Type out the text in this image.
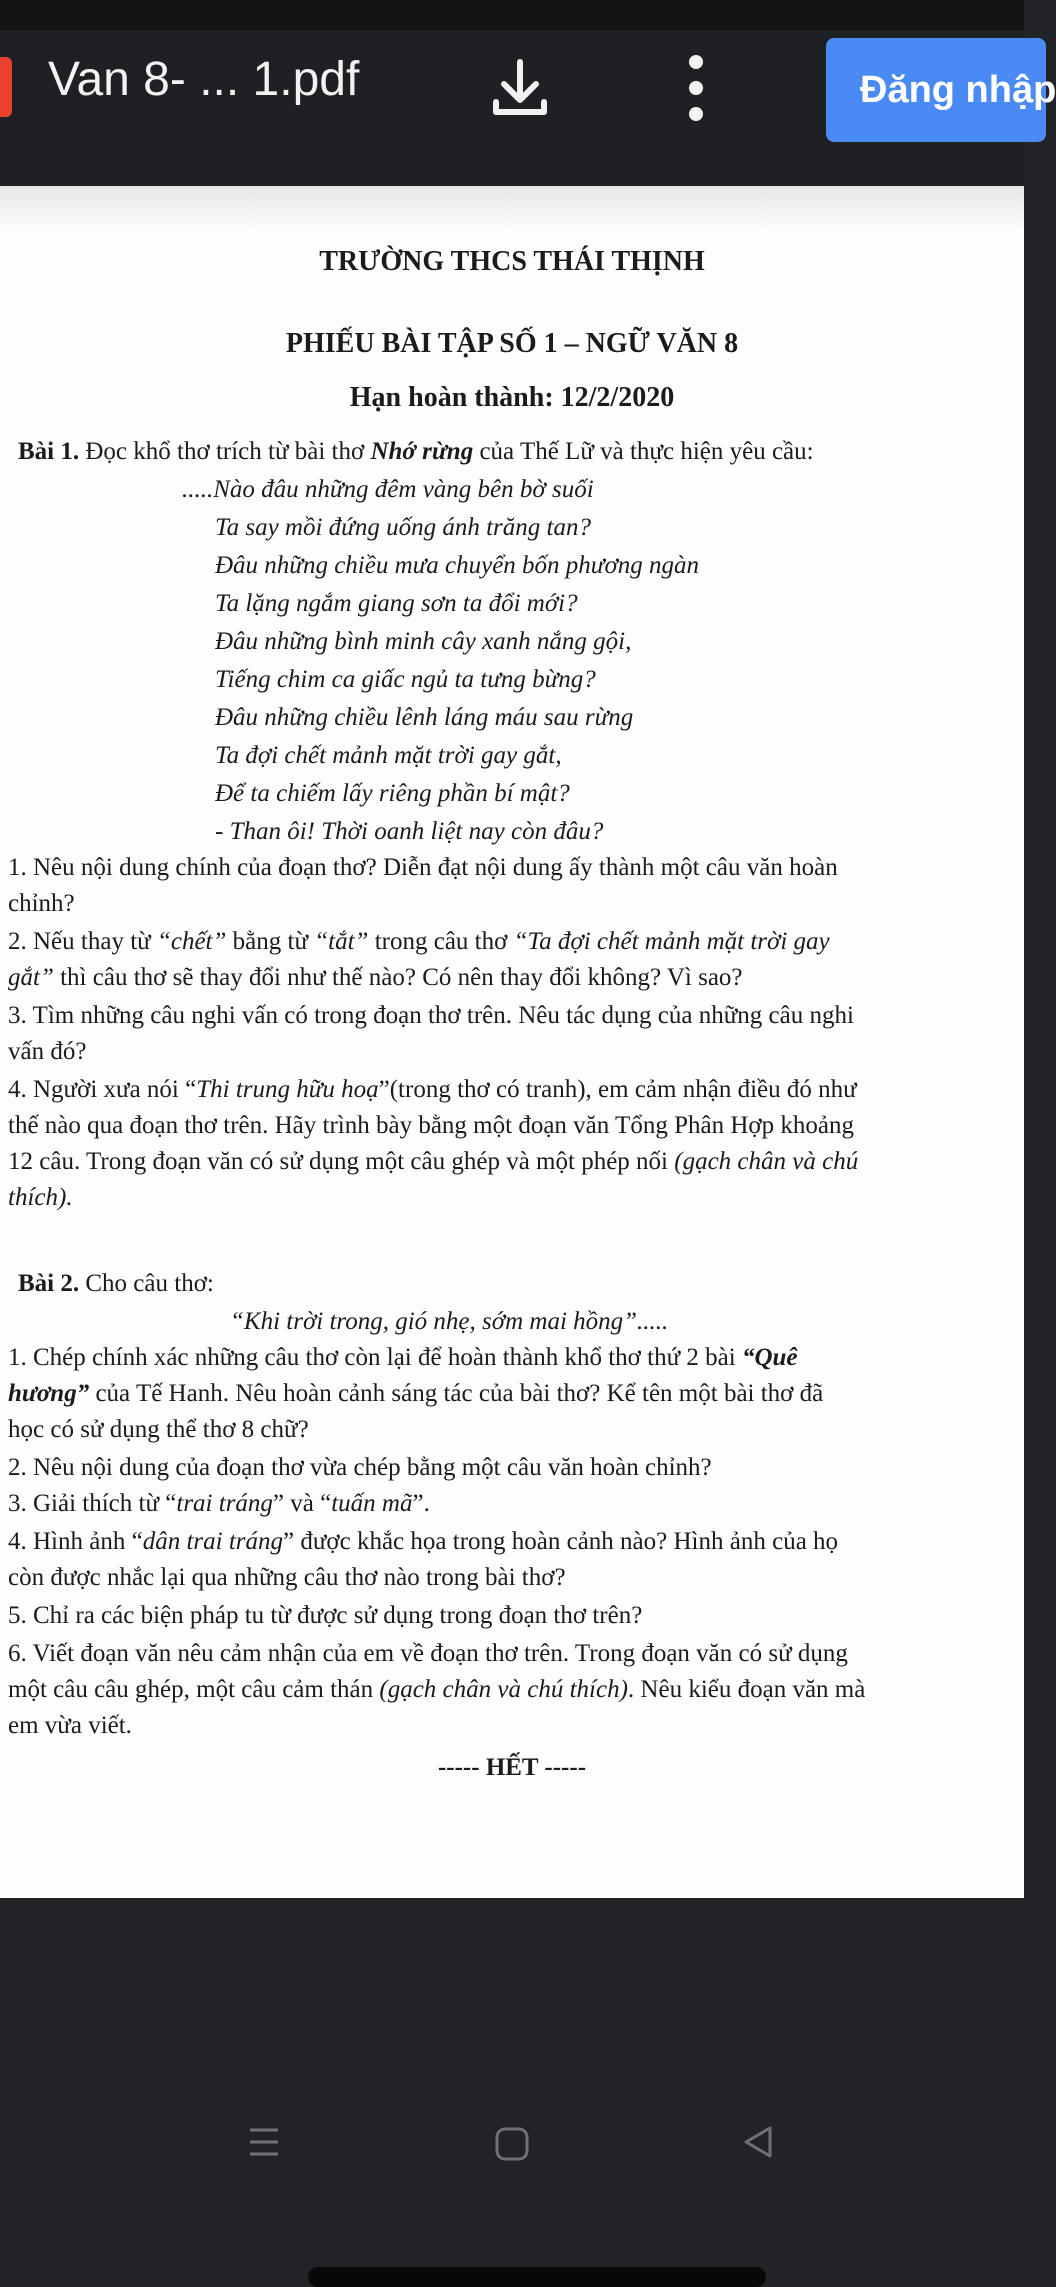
Van 8- ... 1.pdf	Đăng nhập
TRƯỜNG THCS THÁI THỊNH
PHIẾU BÀI TẬP SỐ 1 – NGỮ VĂN 8
Hạn hoàn thành: 12/2/2020
Bài 1. Đọc khổ thơ trích từ bài thơ Nhớ rừng của Thế Lữ và thực hiện yêu cầu:
.....Nào đâu những đêm vàng bên bờ suối
Ta say mồi đứng uống ánh trăng tan?
Đâu những chiều mưa chuyển bốn phương ngàn
Ta lặng ngắm giang sơn ta đổi mới?
Đâu những bình minh cây xanh nắng gội,
Tiếng chim ca giấc ngủ ta tưng bừng?
Đâu những chiều lênh láng máu sau rừng
Ta đợi chết mảnh mặt trời gay gắt,
Để ta chiếm lấy riêng phần bí mật?
- Than ôi! Thời oanh liệt nay còn đâu?
1. Nêu nội dung chính của đoạn thơ? Diễn đạt nội dung ấy thành một câu văn hoàn
chỉnh?
2. Nếu thay từ “chết” bằng từ “tắt” trong câu thơ “Ta đợi chết mảnh mặt trời gay
gắt” thì câu thơ sẽ thay đổi như thế nào? Có nên thay đổi không? Vì sao?
3. Tìm những câu nghi vấn có trong đoạn thơ trên. Nêu tác dụng của những câu nghi
vấn đó?
4. Người xưa nói “Thi trung hữu hoạ”(trong thơ có tranh), em cảm nhận điều đó như
thế nào qua đoạn thơ trên. Hãy trình bày bằng một đoạn văn Tổng Phân Hợp khoảng
12 câu. Trong đoạn văn có sử dụng một câu ghép và một phép nối (gạch chân và chú
thích).
Bài 2. Cho câu thơ:
“Khi trời trong, gió nhẹ, sớm mai hồng”.....
1. Chép chính xác những câu thơ còn lại để hoàn thành khổ thơ thứ 2 bài “Quê
hương” của Tế Hanh. Nêu hoàn cảnh sáng tác của bài thơ? Kể tên một bài thơ đã
học có sử dụng thể thơ 8 chữ?
2. Nêu nội dung của đoạn thơ vừa chép bằng một câu văn hoàn chỉnh?
3. Giải thích từ “trai tráng” và “tuấn mã”.
4. Hình ảnh “dân trai tráng” được khắc họa trong hoàn cảnh nào? Hình ảnh của họ
còn được nhắc lại qua những câu thơ nào trong bài thơ?
5. Chỉ ra các biện pháp tu từ được sử dụng trong đoạn thơ trên?
6. Viết đoạn văn nêu cảm nhận của em về đoạn thơ trên. Trong đoạn văn có sử dụng
một câu câu ghép, một câu cảm thán (gạch chân và chú thích). Nêu kiểu đoạn văn mà
em vừa viết.
----- HẾT -----
